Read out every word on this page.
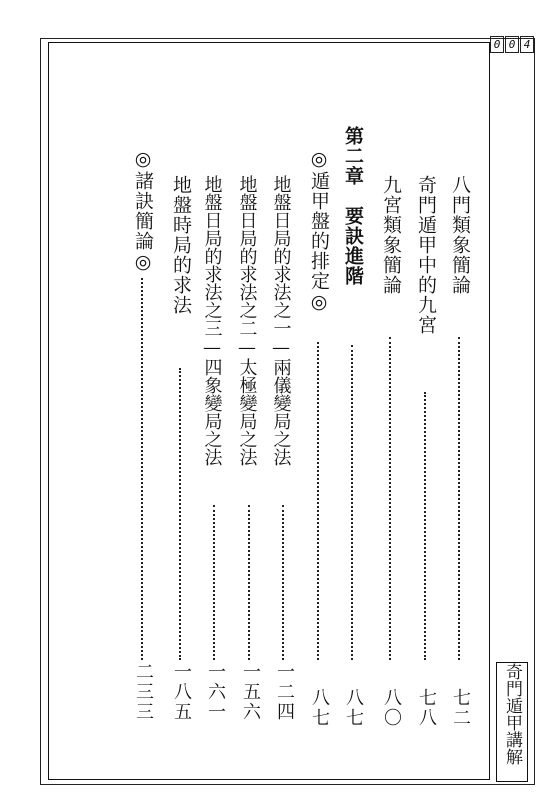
0 0 4
奇門遁甲講解
八門類象簡論
七二
奇門遁甲中的九宮
七八
九宮類象簡論
八〇
第二章　要訣進階
八七
◎遁甲盤的排定◎
八七
地盤日局的求法之一—兩儀變局之法
一二四
地盤日局的求法之二—太極變局之法
一五六
地盤日局的求法之三—四象變局之法
一六一
地盤時局的求法
一八五
◎諸訣簡論◎
二三三
